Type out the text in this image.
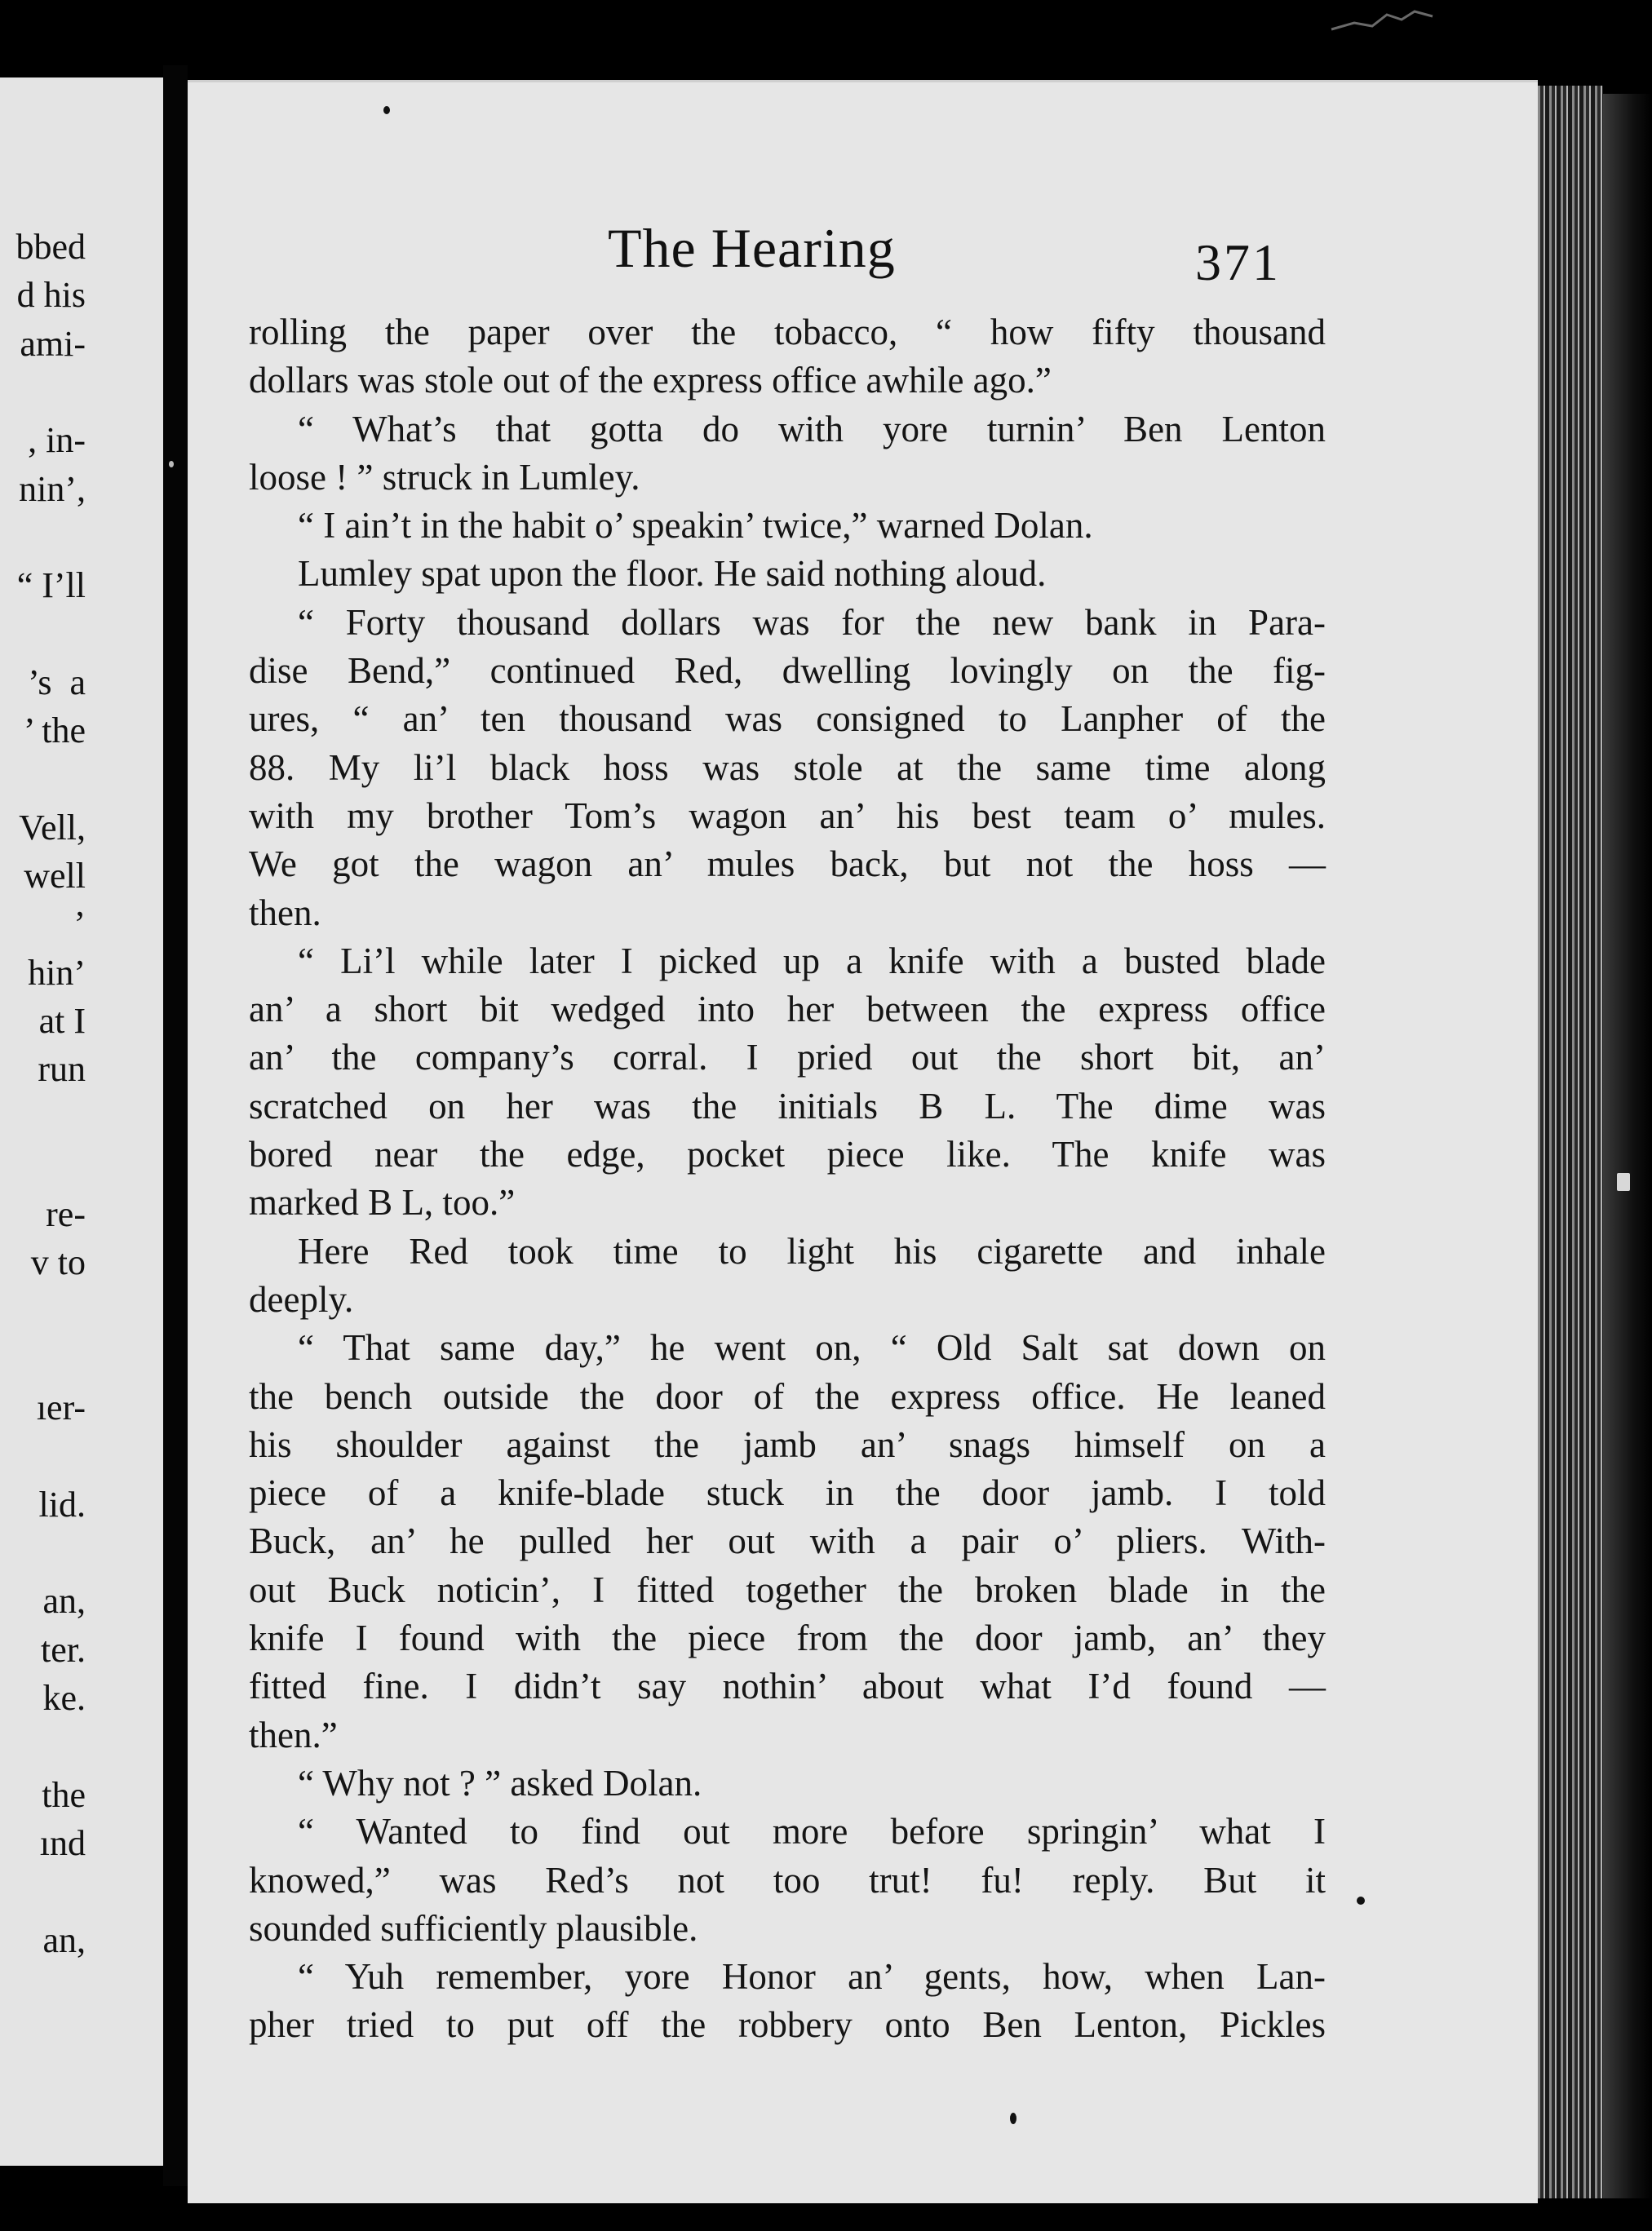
bbed
d his
ami-
, in-
nin’,
“ I’ll
’s  a
’ the
Vell,
well
’
hin’
at I
run
re-
v to
ıer-
lid.
an,
ter.
ke.
the
ınd
an,
The Hearing	371
rolling the paper over the tobacco, “ how fifty thousand
dollars was stole out of the express office awhile ago.”
“ What’s that gotta do with yore turnin’ Ben Lenton
loose ! ” struck in Lumley.
“ I ain’t in the habit o’ speakin’ twice,” warned Dolan.
Lumley spat upon the floor. He said nothing aloud.
“ Forty thousand dollars was for the new bank in Para-
dise Bend,” continued Red, dwelling lovingly on the fig-
ures, “ an’ ten thousand was consigned to Lanpher of the
88. My li’l black hoss was stole at the same time along
with my brother Tom’s wagon an’ his best team o’ mules.
We got the wagon an’ mules back, but not the hoss —
then.
“ Li’l while later I picked up a knife with a busted blade
an’ a short bit wedged into her between the express office
an’ the company’s corral. I pried out the short bit, an’
scratched on her was the initials B L. The dime was
bored near the edge, pocket piece like. The knife was
marked B L, too.”
Here Red took time to light his cigarette and inhale
deeply.
“ That same day,” he went on, “ Old Salt sat down on
the bench outside the door of the express office. He leaned
his shoulder against the jamb an’ snags himself on a
piece of a knife-blade stuck in the door jamb. I told
Buck, an’ he pulled her out with a pair o’ pliers. With-
out Buck noticin’, I fitted together the broken blade in the
knife I found with the piece from the door jamb, an’ they
fitted fine. I didn’t say nothin’ about what I’d found —
then.”
“ Why not ? ” asked Dolan.
“ Wanted to find out more before springin’ what I
knowed,” was Red’s not too trut! fu! reply. But it
sounded sufficiently plausible.
“ Yuh remember, yore Honor an’ gents, how, when Lan-
pher tried to put off the robbery onto Ben Lenton, Pickles
